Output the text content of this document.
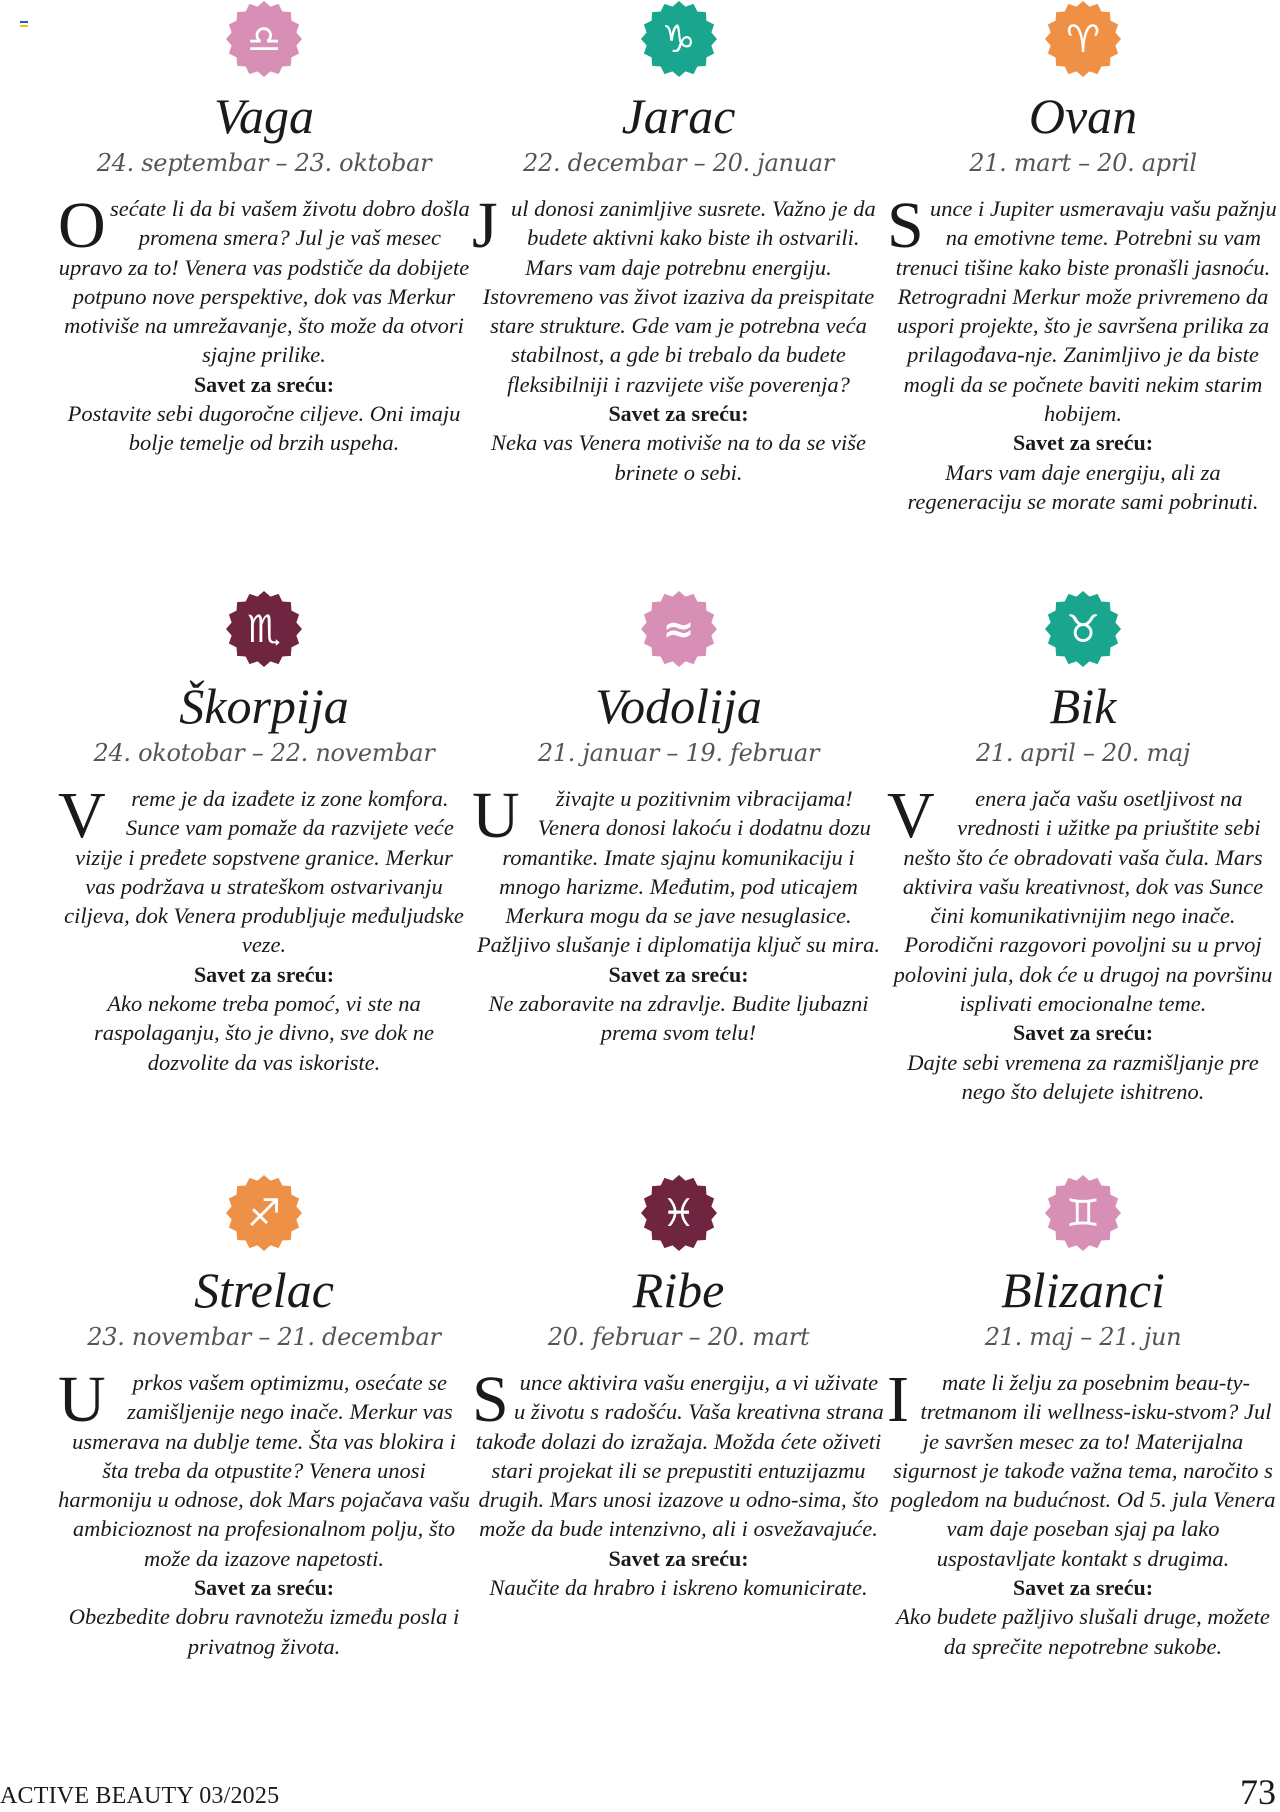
♎
Vaga
24. septembar – 23. oktobar
Osećate li da bi vašem životu dobro došla promena smera? Jul je vaš mesec upravo za to! Venera vas podstiče da dobijete potpuno nove perspektive, dok vas Merkur motiviše na umrežavanje, što može da otvori sjajne prilike.
Savet za sreću:
Postavite sebi dugoročne ciljeve. Oni imaju bolje temelje od brzih uspeha.
♑
Jarac
22. decembar – 20. januar
Jul donosi zanimljive susrete. Važno je da budete aktivni kako biste ih ostvarili. Mars vam daje potrebnu energiju. Istovremeno vas život izaziva da preispitate stare strukture. Gde vam je potrebna veća stabilnost, a gde bi trebalo da budete fleksibilniji i razvijete više poverenja?
Savet za sreću:
Neka vas Venera motiviše na to da se više brinete o sebi.
♈
Ovan
21. mart – 20. april
Sunce i Jupiter usmeravaju vašu pažnju na emotivne teme. Potrebni su vam trenuci tišine kako biste pronašli jasnoću. Retrogradni Merkur može privremeno da uspori projekte, što je savršena prilika za prilagođava-nje. Zanimljivo je da biste mogli da se počnete baviti nekim starim hobijem.
Savet za sreću:
Mars vam daje energiju, ali za regeneraciju se morate sami pobrinuti.
♏
Škorpija
24. okotobar – 22. novembar
V reme je da izađete iz zone komfora. Sunce vam pomaže da razvijete veće vizije i pređete sopstvene granice. Merkur vas podržava u strateškom ostvarivanju ciljeva, dok Venera produbljuje međuljudske veze.
Savet za sreću:
Ako nekome treba pomoć, vi ste na raspolaganju, što je divno, sve dok ne dozvolite da vas iskoriste.
≈
Vodolija
21. januar – 19. februar
U živajte u pozitivnim vibracijama! Venera donosi lakoću i dodatnu dozu romantike. Imate sjajnu komunikaciju i mnogo harizme. Međutim, pod uticajem Merkura mogu da se jave nesuglasice. Pažljivo slušanje i diplomatija ključ su mira.
Savet za sreću:
Ne zaboravite na zdravlje. Budite ljubazni prema svom telu!
♉
Bik
21. april – 20. maj
V enera jača vašu osetljivost na vrednosti i užitke pa priuštite sebi nešto što će obradovati vaša čula. Mars aktivira vašu kreativnost, dok vas Sunce čini komunikativnijim nego inače. Porodični razgovori povoljni su u prvoj polovini jula, dok će u drugoj na površinu isplivati emocionalne teme.
Savet za sreću:
Dajte sebi vremena za razmišljanje pre nego što delujete ishitreno.
♐
Strelac
23. novembar – 21. decembar
U prkos vašem optimizmu, osećate se zamišljenije nego inače. Merkur vas usmerava na dublje teme. Šta vas blokira i šta treba da otpustite? Venera unosi harmoniju u odnose, dok Mars pojačava vašu ambicioznost na profesionalnom polju, što može da izazove napetosti.
Savet za sreću:
Obezbedite dobru ravnotežu između posla i privatnog života.
♓
Ribe
20. februar – 20. mart
Sunce aktivira vašu energiju, a vi uživate u životu s radošću. Vaša kreativna strana takođe dolazi do izražaja. Možda ćete oživeti stari projekat ili se prepustiti entuzijazmu drugih. Mars unosi izazove u odno-sima, što može da bude intenzivno, ali i osvežavajuće.
Savet za sreću:
Naučite da hrabro i iskreno komunicirate.
♊
Blizanci
21. maj – 21. jun
I mate li želju za posebnim beau-ty-tretmanom ili wellness-isku-stvom? Jul je savršen mesec za to! Materijalna sigurnost je takođe važna tema, naročito s pogledom na budućnost. Od 5. jula Venera vam daje poseban sjaj pa lako uspostavljate kontakt s drugima.
Savet za sreću:
Ako budete pažljivo slušali druge, možete da sprečite nepotrebne sukobe.
ACTIVE BEAUTY 03/2025	73
